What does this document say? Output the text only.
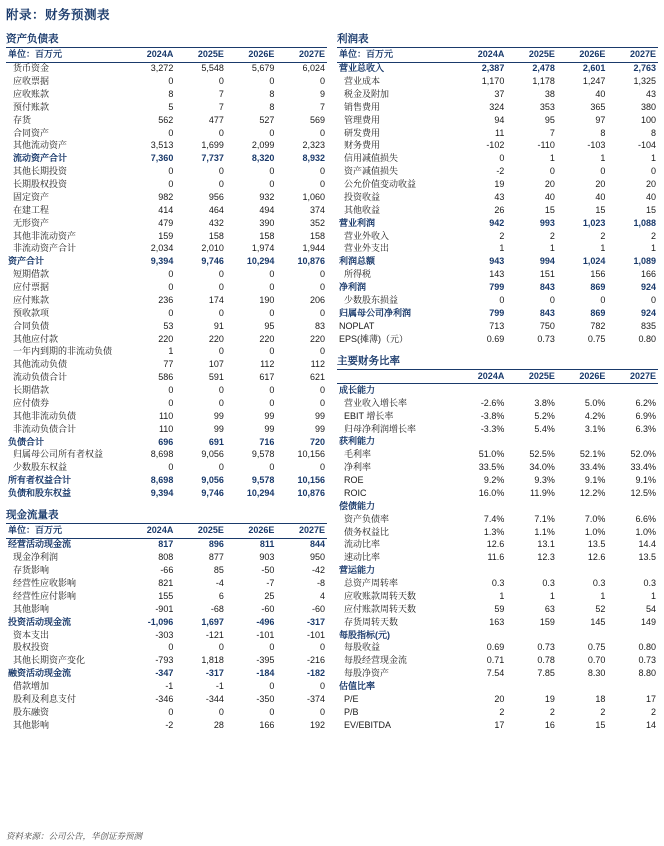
附录：财务预测表
资产负债表
单位：百万元	2024A	2025E	2026E	2027E
货币资金	3,272	5,548	5,679	6,024
应收票据	0	0	0	0
应收账款	8	7	8	9
预付账款	5	7	8	7
存货	562	477	527	569
合同资产	0	0	0	0
其他流动资产	3,513	1,699	2,099	2,323
流动资产合计	7,360	7,737	8,320	8,932
其他长期投资	0	0	0	0
长期股权投资	0	0	0	0
固定资产	982	956	932	1,060
在建工程	414	464	494	374
无形资产	479	432	390	352
其他非流动资产	159	158	158	158
非流动资产合计	2,034	2,010	1,974	1,944
资产合计	9,394	9,746	10,294	10,876
短期借款	0	0	0	0
应付票据	0	0	0	0
应付账款	236	174	190	206
预收款项	0	0	0	0
合同负债	53	91	95	83
其他应付款	220	220	220	220
一年内到期的非流动负债	1	0	0	0
其他流动负债	77	107	112	112
流动负债合计	586	591	617	621
长期借款	0	0	0	0
应付债券	0	0	0	0
其他非流动负债	110	99	99	99
非流动负债合计	110	99	99	99
负债合计	696	691	716	720
归属母公司所有者权益	8,698	9,056	9,578	10,156
少数股东权益	0	0	0	0
所有者权益合计	8,698	9,056	9,578	10,156
负债和股东权益	9,394	9,746	10,294	10,876
现金流量表
单位：百万元	2024A	2025E	2026E	2027E
经营活动现金流	817	896	811	844
现金净利润	808	877	903	950
存货影响	-66	85	-50	-42
经营性应收影响	821	-4	-7	-8
经营性应付影响	155	6	25	4
其他影响	-901	-68	-60	-60
投资活动现金流	-1,096	1,697	-496	-317
资本支出	-303	-121	-101	-101
股权投资	0	0	0	0
其他长期资产变化	-793	1,818	-395	-216
融资活动现金流	-347	-317	-184	-182
借款增加	-1	-1	0	0
股利及利息支付	-346	-344	-350	-374
股东融资	0	0	0	0
其他影响	-2	28	166	192
利润表
单位：百万元	2024A	2025E	2026E	2027E
营业总收入	2,387	2,478	2,601	2,763
营业成本	1,170	1,178	1,247	1,325
税金及附加	37	38	40	43
销售费用	324	353	365	380
管理费用	94	95	97	100
研发费用	11	7	8	8
财务费用	-102	-110	-103	-104
信用减值损失	0	1	1	1
资产减值损失	-2	0	0	0
公允价值变动收益	19	20	20	20
投资收益	43	40	40	40
其他收益	26	15	15	15
营业利润	942	993	1,023	1,088
营业外收入	2	2	2	2
营业外支出	1	1	1	1
利润总额	943	994	1,024	1,089
所得税	143	151	156	166
净利润	799	843	869	924
少数股东损益	0	0	0	0
归属母公司净利润	799	843	869	924
NOPLAT	713	750	782	835
EPS(摊薄)（元）	0.69	0.73	0.75	0.80
主要财务比率
	2024A	2025E	2026E	2027E
成长能力				
营业收入增长率	-2.6%	3.8%	5.0%	6.2%
EBIT 增长率	-3.8%	5.2%	4.2%	6.9%
归母净利润增长率	-3.3%	5.4%	3.1%	6.3%
获利能力				
毛利率	51.0%	52.5%	52.1%	52.0%
净利率	33.5%	34.0%	33.4%	33.4%
ROE	9.2%	9.3%	9.1%	9.1%
ROIC	16.0%	11.9%	12.2%	12.5%
偿债能力				
资产负债率	7.4%	7.1%	7.0%	6.6%
债务权益比	1.3%	1.1%	1.0%	1.0%
流动比率	12.6	13.1	13.5	14.4
速动比率	11.6	12.3	12.6	13.5
营运能力				
总资产周转率	0.3	0.3	0.3	0.3
应收账款周转天数	1	1	1	1
应付账款周转天数	59	63	52	54
存货周转天数	163	159	145	149
每股指标(元)				
每股收益	0.69	0.73	0.75	0.80
每股经营现金流	0.71	0.78	0.70	0.73
每股净资产	7.54	7.85	8.30	8.80
估值比率				
P/E	20	19	18	17
P/B	2	2	2	2
EV/EBITDA	17	16	15	14
资料来源：公司公告，华创证券预测
